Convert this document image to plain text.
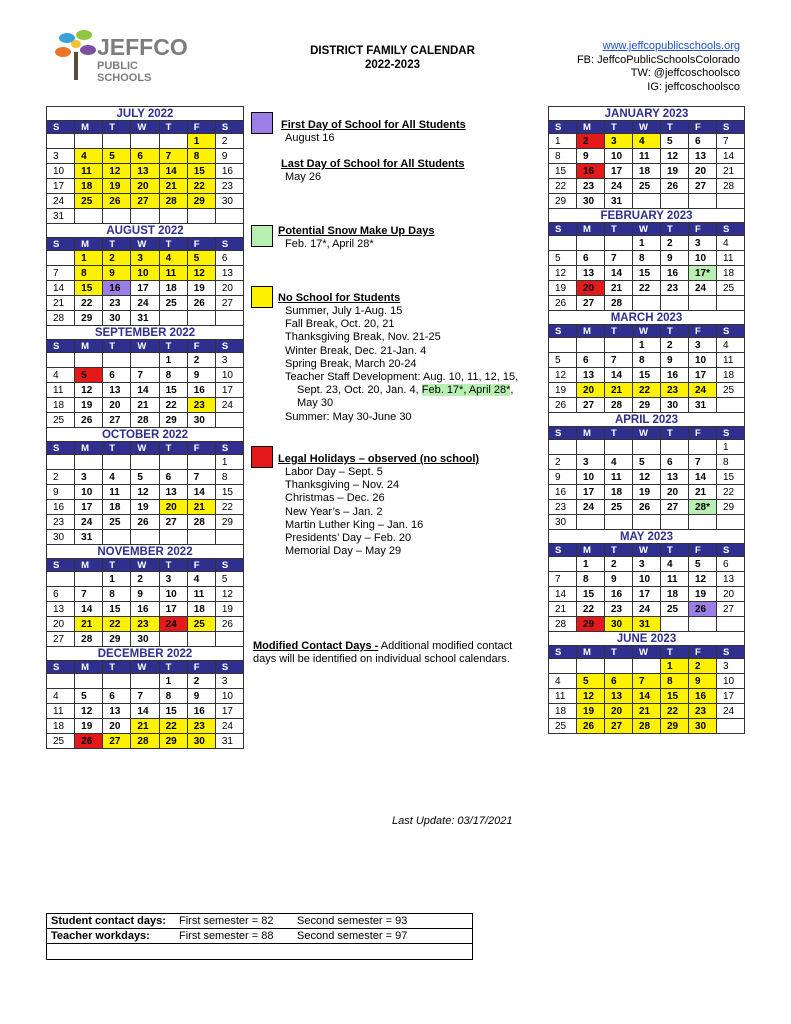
JEFFCO
PUBLIC SCHOOLS
DISTRICT FAMILY CALENDAR
2022-2023
www.jeffcopublicschools.org
FB: JeffcoPublicSchoolsColorado
TW: @jeffcoschoolsco
IG: jeffcoschoolsco
JULY 2022						
S	M	T	W	T	F	S
					1	2
3	4	5	6	7	8	9
10	11	12	13	14	15	16
17	18	19	20	21	22	23
24	25	26	27	28	29	30
31						
AUGUST 2022						
S	M	T	W	T	F	S
	1	2	3	4	5	6
7	8	9	10	11	12	13
14	15	16	17	18	19	20
21	22	23	24	25	26	27
28	29	30	31			
SEPTEMBER 2022						
S	M	T	W	T	F	S
				1	2	3
4	5	6	7	8	9	10
11	12	13	14	15	16	17
18	19	20	21	22	23	24
25	26	27	28	29	30	
OCTOBER 2022						
S	M	T	W	T	F	S
						1
2	3	4	5	6	7	8
9	10	11	12	13	14	15
16	17	18	19	20	21	22
23	24	25	26	27	28	29
30	31					
NOVEMBER 2022						
S	M	T	W	T	F	S
		1	2	3	4	5
6	7	8	9	10	11	12
13	14	15	16	17	18	19
20	21	22	23	24	25	26
27	28	29	30			
DECEMBER 2022						
S	M	T	W	T	F	S
				1	2	3
4	5	6	7	8	9	10
11	12	13	14	15	16	17
18	19	20	21	22	23	24
25	26	27	28	29	30	31
JANUARY 2023						
S	M	T	W	T	F	S
1	2	3	4	5	6	7
8	9	10	11	12	13	14
15	16	17	18	19	20	21
22	23	24	25	26	27	28
29	30	31				
FEBRUARY 2023						
S	M	T	W	T	F	S
			1	2	3	4
5	6	7	8	9	10	11
12	13	14	15	16	17*	18
19	20	21	22	23	24	25
26	27	28				
MARCH 2023						
S	M	T	W	T	F	S
			1	2	3	4
5	6	7	8	9	10	11
12	13	14	15	16	17	18
19	20	21	22	23	24	25
26	27	28	29	30	31	
APRIL 2023						
S	M	T	W	T	F	S
						1
2	3	4	5	6	7	8
9	10	11	12	13	14	15
16	17	18	19	20	21	22
23	24	25	26	27	28*	29
30						
MAY 2023						
S	M	T	W	T	F	S
	1	2	3	4	5	6
7	8	9	10	11	12	13
14	15	16	17	18	19	20
21	22	23	24	25	26	27
28	29	30	31			
JUNE 2023						
S	M	T	W	T	F	S
				1	2	3
4	5	6	7	8	9	10
11	12	13	14	15	16	17
18	19	20	21	22	23	24
25	26	27	28	29	30	
First Day of School for All Students
August 16
Last Day of School for All Students
May 26
Potential Snow Make Up Days
Feb. 17*, April 28*
No School for Students
Summer, July 1-Aug. 15
Fall Break, Oct. 20, 21
Thanksgiving Break, Nov. 21-25
Winter Break, Dec. 21-Jan. 4
Spring Break, March 20-24
Teacher Staff Development: Aug. 10, 11, 12, 15,
Sept. 23, Oct. 20, Jan. 4, Feb. 17*, April 28*,
May 30
Summer: May 30-June 30
Legal Holidays – observed (no school)
Labor Day – Sept. 5
Thanksgiving – Nov. 24
Christmas – Dec. 26
New Year’s – Jan. 2
Martin Luther King – Jan. 16
Presidents’ Day – Feb. 20
Memorial Day – May 29
Modified Contact Days - Additional modified contact
days will be identified on individual school calendars.
Last Update: 03/17/2021
Student contact days:	First semester = 82	Second semester = 93
Teacher workdays:	First semester = 88	Second semester = 97
